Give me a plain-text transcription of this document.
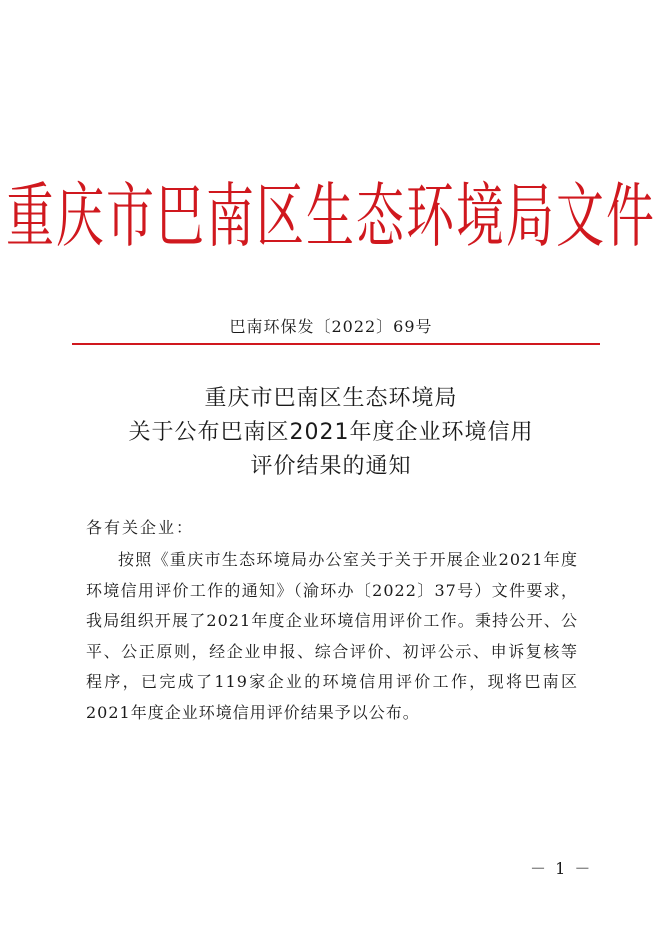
重庆市巴南区生态环境局文件
巴南环保发〔2022〕69号
重庆市巴南区生态环境局
关于公布巴南区2021年度企业环境信用
评价结果的通知
各有关企业：

按照《重庆市生态环境局办公室关于关于开展企业2021年度环境信用评价工作的通知》（渝环办〔2022〕37号）文件要求，我局组织开展了2021年度企业环境信用评价工作。秉持公开、公平、公正原则，经企业申报、综合评价、初评公示、申诉复核等程序，已完成了119家企业的环境信用评价工作，现将巴南区2021年度企业环境信用评价结果予以公布。

－ 1 －
